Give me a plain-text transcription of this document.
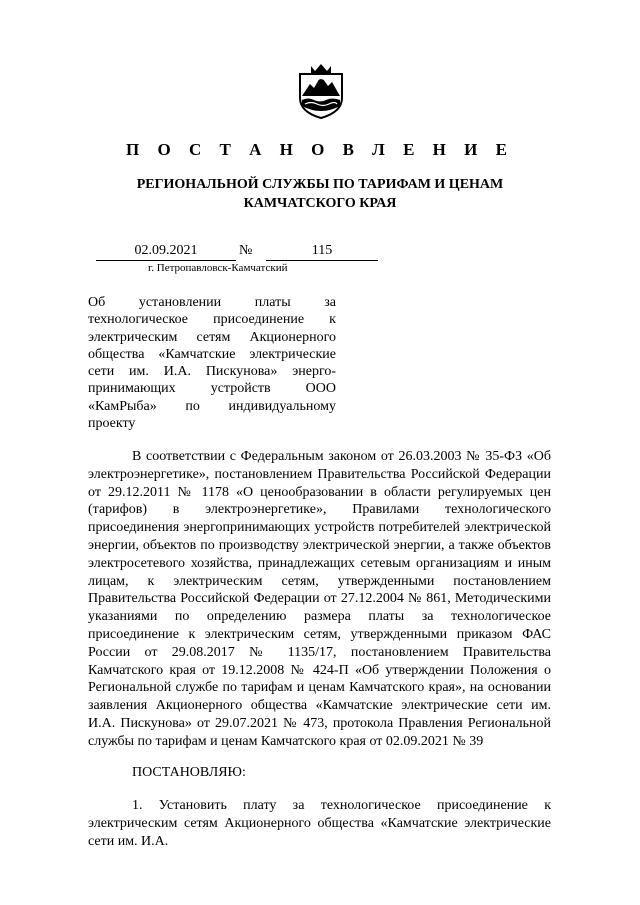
П О С Т А Н О В Л Е Н И Е
РЕГИОНАЛЬНОЙ СЛУЖБЫ ПО ТАРИФАМ И ЦЕНАМ КАМЧАТСКОГО КРАЯ
02.09.2021	№	115
г. Петропавловск-Камчатский
Об установлении платы за технологическое присоединение к электрическим сетям Акционерного общества «Камчатские электрические сети им. И.А. Пискунова» энерго-принимающих устройств ООО «КамРыба» по индивидуальному проекту

В соответствии с Федеральным законом от 26.03.2003 № 35-ФЗ «Об электроэнергетике», постановлением Правительства Российской Федерации от 29.12.2011 № 1178 «О ценообразовании в области регулируемых цен (тарифов) в электроэнергетике», Правилами технологического присоединения энергопринимающих устройств потребителей электрической энергии, объектов по производству электрической энергии, а также объектов электросетевого хозяйства, принадлежащих сетевым организациям и иным лицам, к электрическим сетям, утвержденными постановлением Правительства Российской Федерации от 27.12.2004 № 861, Методическими указаниями по определению размера платы за технологическое присоединение к электрическим сетям, утвержденными приказом ФАС России от 29.08.2017 № 1135/17, постановлением Правительства Камчатского края от 19.12.2008 № 424-П «Об утверждении Положения о Региональной службе по тарифам и ценам Камчатского края», на основании заявления Акционерного общества «Камчатские электрические сети им. И.А. Пискунова» от 29.07.2021 № 473, протокола Правления Региональной службы по тарифам и ценам Камчатского края от 02.09.2021 № 39

ПОСТАНОВЛЯЮ:

1. Установить плату за технологическое присоединение к электрическим сетям Акционерного общества «Камчатские электрические сети им. И.А.
